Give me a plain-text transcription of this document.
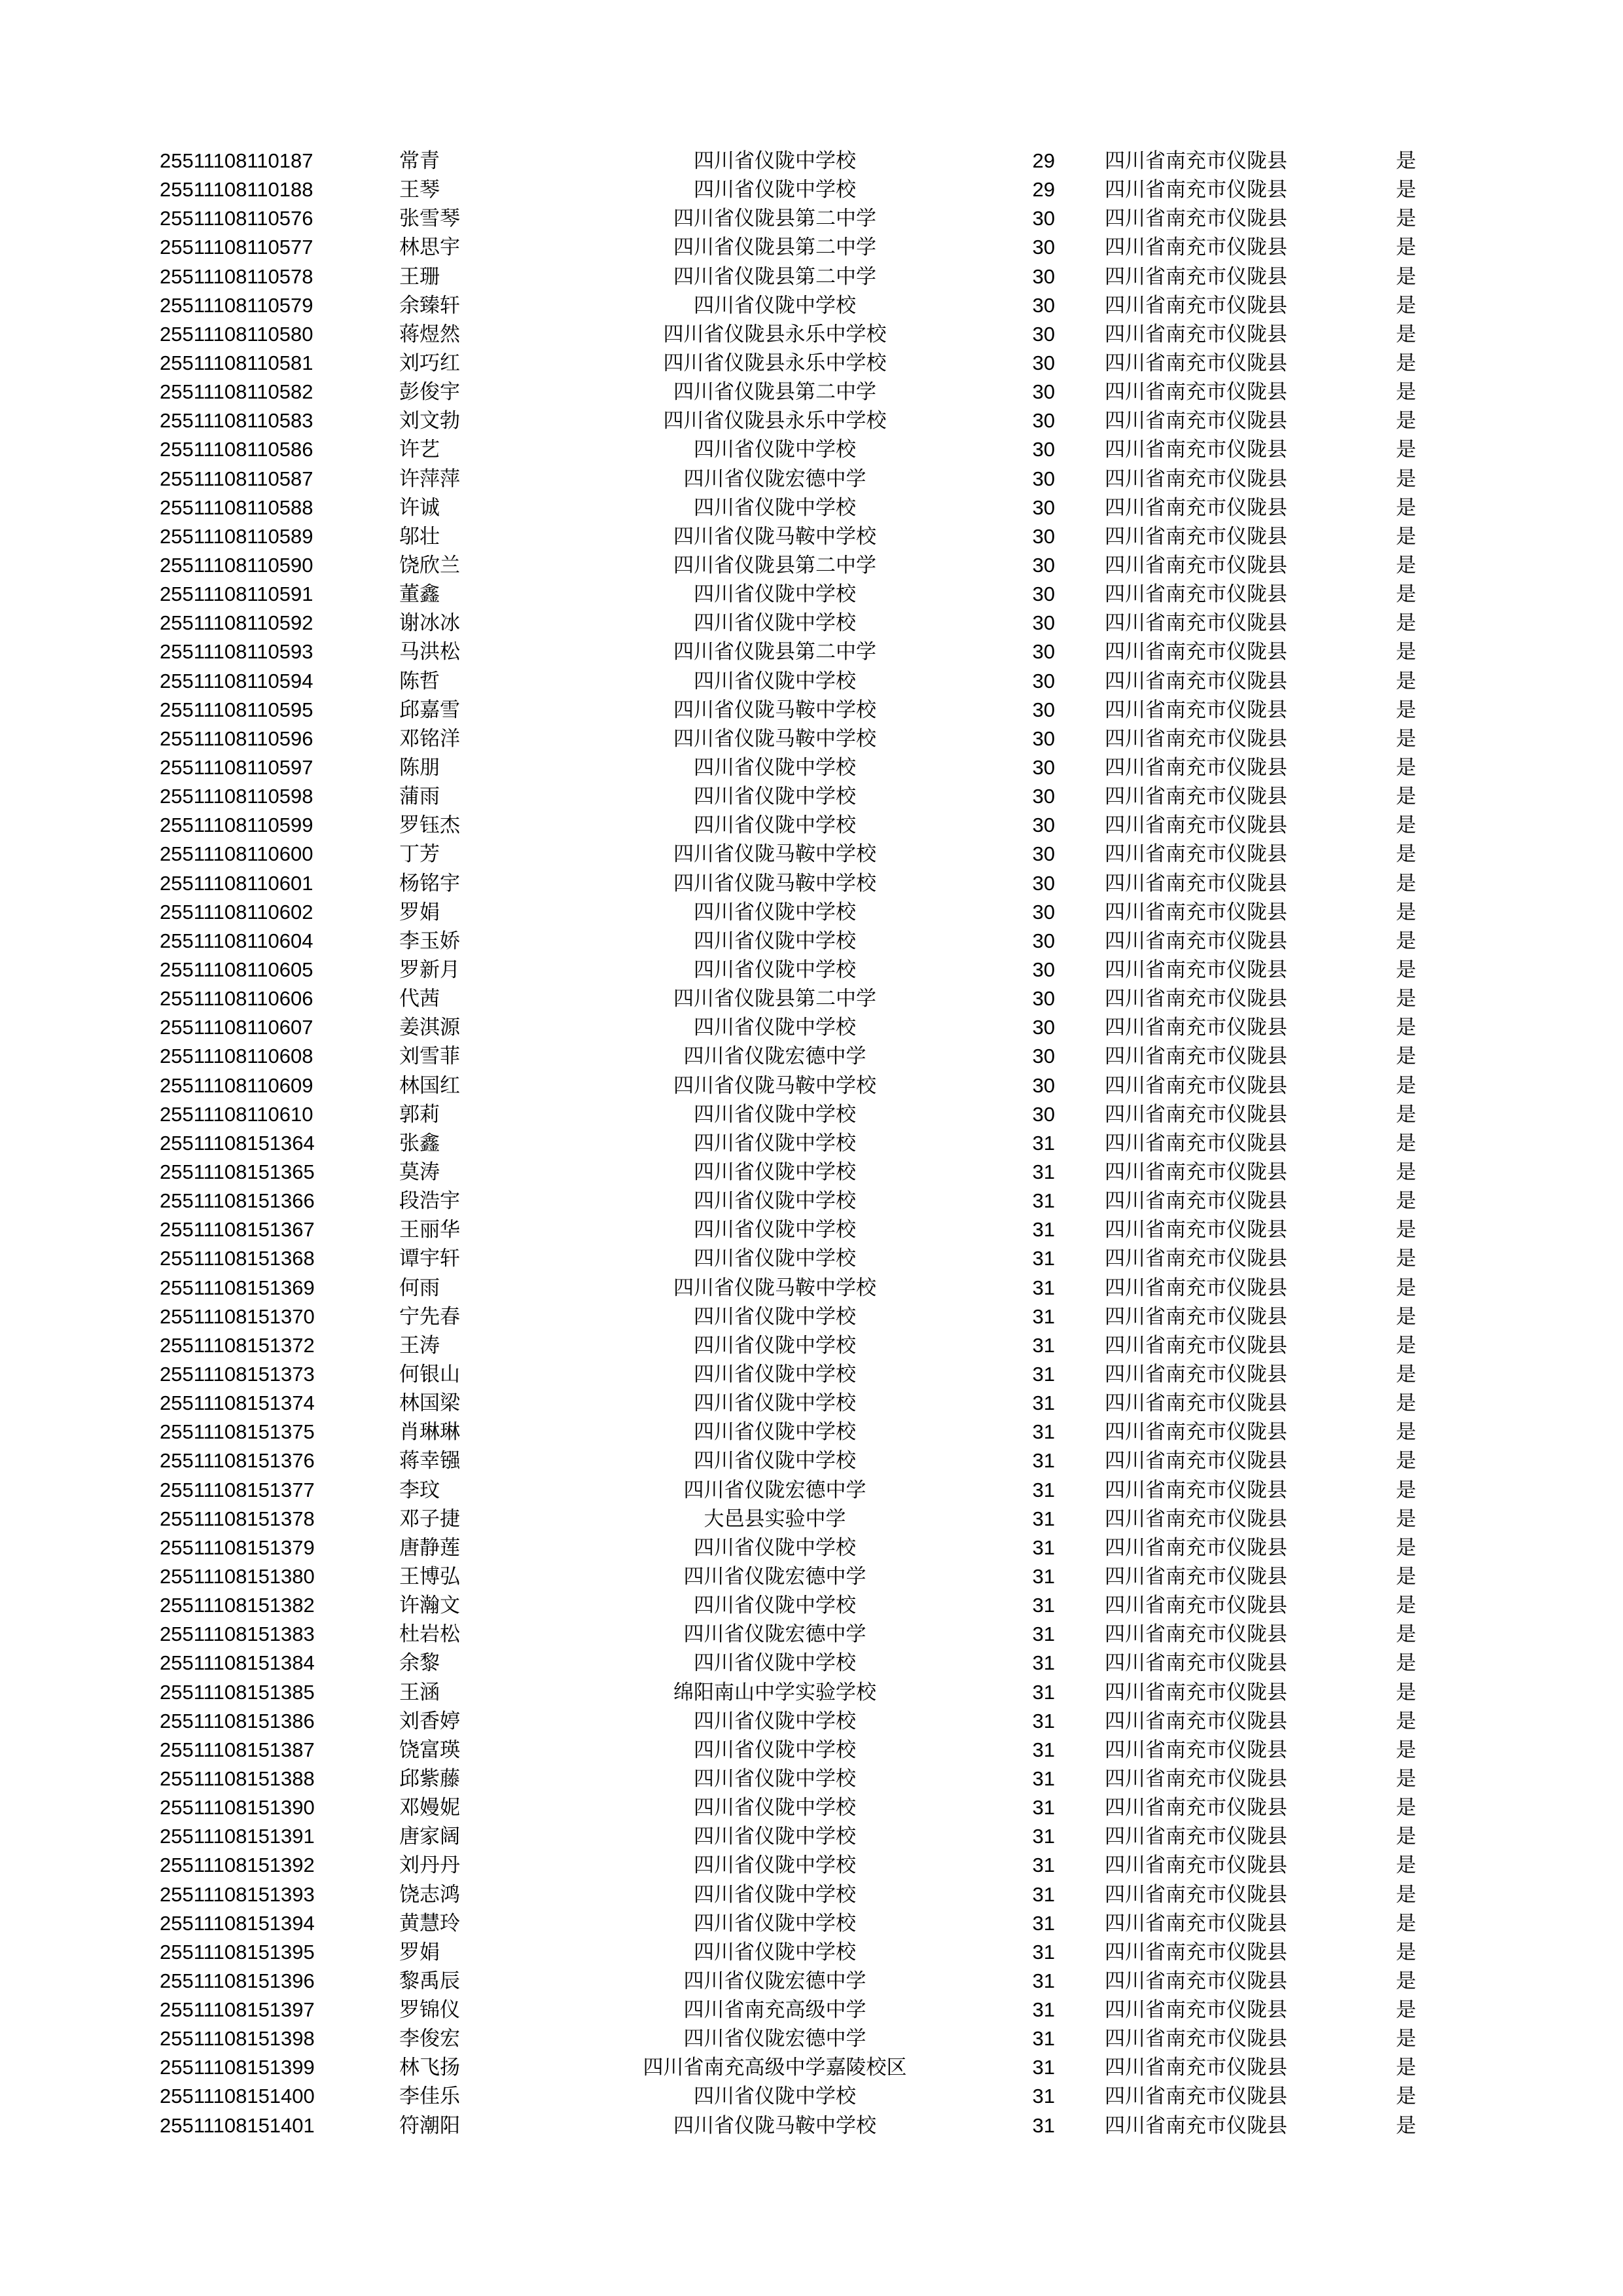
25511108110187	常青	四川省仪陇中学校	29	四川省南充市仪陇县	是
25511108110188	王琴	四川省仪陇中学校	29	四川省南充市仪陇县	是
25511108110576	张雪琴	四川省仪陇县第二中学	30	四川省南充市仪陇县	是
25511108110577	林思宇	四川省仪陇县第二中学	30	四川省南充市仪陇县	是
25511108110578	王珊	四川省仪陇县第二中学	30	四川省南充市仪陇县	是
25511108110579	余臻轩	四川省仪陇中学校	30	四川省南充市仪陇县	是
25511108110580	蒋煜然	四川省仪陇县永乐中学校	30	四川省南充市仪陇县	是
25511108110581	刘巧红	四川省仪陇县永乐中学校	30	四川省南充市仪陇县	是
25511108110582	彭俊宇	四川省仪陇县第二中学	30	四川省南充市仪陇县	是
25511108110583	刘文勃	四川省仪陇县永乐中学校	30	四川省南充市仪陇县	是
25511108110586	许艺	四川省仪陇中学校	30	四川省南充市仪陇县	是
25511108110587	许萍萍	四川省仪陇宏德中学	30	四川省南充市仪陇县	是
25511108110588	许诚	四川省仪陇中学校	30	四川省南充市仪陇县	是
25511108110589	邬壮	四川省仪陇马鞍中学校	30	四川省南充市仪陇县	是
25511108110590	饶欣兰	四川省仪陇县第二中学	30	四川省南充市仪陇县	是
25511108110591	董鑫	四川省仪陇中学校	30	四川省南充市仪陇县	是
25511108110592	谢冰冰	四川省仪陇中学校	30	四川省南充市仪陇县	是
25511108110593	马洪松	四川省仪陇县第二中学	30	四川省南充市仪陇县	是
25511108110594	陈哲	四川省仪陇中学校	30	四川省南充市仪陇县	是
25511108110595	邱嘉雪	四川省仪陇马鞍中学校	30	四川省南充市仪陇县	是
25511108110596	邓铭洋	四川省仪陇马鞍中学校	30	四川省南充市仪陇县	是
25511108110597	陈朋	四川省仪陇中学校	30	四川省南充市仪陇县	是
25511108110598	蒲雨	四川省仪陇中学校	30	四川省南充市仪陇县	是
25511108110599	罗钰杰	四川省仪陇中学校	30	四川省南充市仪陇县	是
25511108110600	丁芳	四川省仪陇马鞍中学校	30	四川省南充市仪陇县	是
25511108110601	杨铭宇	四川省仪陇马鞍中学校	30	四川省南充市仪陇县	是
25511108110602	罗娟	四川省仪陇中学校	30	四川省南充市仪陇县	是
25511108110604	李玉娇	四川省仪陇中学校	30	四川省南充市仪陇县	是
25511108110605	罗新月	四川省仪陇中学校	30	四川省南充市仪陇县	是
25511108110606	代茜	四川省仪陇县第二中学	30	四川省南充市仪陇县	是
25511108110607	姜淇源	四川省仪陇中学校	30	四川省南充市仪陇县	是
25511108110608	刘雪菲	四川省仪陇宏德中学	30	四川省南充市仪陇县	是
25511108110609	林国红	四川省仪陇马鞍中学校	30	四川省南充市仪陇县	是
25511108110610	郭莉	四川省仪陇中学校	30	四川省南充市仪陇县	是
25511108151364	张鑫	四川省仪陇中学校	31	四川省南充市仪陇县	是
25511108151365	莫涛	四川省仪陇中学校	31	四川省南充市仪陇县	是
25511108151366	段浩宇	四川省仪陇中学校	31	四川省南充市仪陇县	是
25511108151367	王丽华	四川省仪陇中学校	31	四川省南充市仪陇县	是
25511108151368	谭宇轩	四川省仪陇中学校	31	四川省南充市仪陇县	是
25511108151369	何雨	四川省仪陇马鞍中学校	31	四川省南充市仪陇县	是
25511108151370	宁先春	四川省仪陇中学校	31	四川省南充市仪陇县	是
25511108151372	王涛	四川省仪陇中学校	31	四川省南充市仪陇县	是
25511108151373	何银山	四川省仪陇中学校	31	四川省南充市仪陇县	是
25511108151374	林国梁	四川省仪陇中学校	31	四川省南充市仪陇县	是
25511108151375	肖琳琳	四川省仪陇中学校	31	四川省南充市仪陇县	是
25511108151376	蒋幸镪	四川省仪陇中学校	31	四川省南充市仪陇县	是
25511108151377	李玟	四川省仪陇宏德中学	31	四川省南充市仪陇县	是
25511108151378	邓子捷	大邑县实验中学	31	四川省南充市仪陇县	是
25511108151379	唐静莲	四川省仪陇中学校	31	四川省南充市仪陇县	是
25511108151380	王博弘	四川省仪陇宏德中学	31	四川省南充市仪陇县	是
25511108151382	许瀚文	四川省仪陇中学校	31	四川省南充市仪陇县	是
25511108151383	杜岩松	四川省仪陇宏德中学	31	四川省南充市仪陇县	是
25511108151384	余黎	四川省仪陇中学校	31	四川省南充市仪陇县	是
25511108151385	王涵	绵阳南山中学实验学校	31	四川省南充市仪陇县	是
25511108151386	刘香婷	四川省仪陇中学校	31	四川省南充市仪陇县	是
25511108151387	饶富瑛	四川省仪陇中学校	31	四川省南充市仪陇县	是
25511108151388	邱紫藤	四川省仪陇中学校	31	四川省南充市仪陇县	是
25511108151390	邓嫚妮	四川省仪陇中学校	31	四川省南充市仪陇县	是
25511108151391	唐家阔	四川省仪陇中学校	31	四川省南充市仪陇县	是
25511108151392	刘丹丹	四川省仪陇中学校	31	四川省南充市仪陇县	是
25511108151393	饶志鸿	四川省仪陇中学校	31	四川省南充市仪陇县	是
25511108151394	黄慧玲	四川省仪陇中学校	31	四川省南充市仪陇县	是
25511108151395	罗娟	四川省仪陇中学校	31	四川省南充市仪陇县	是
25511108151396	黎禹辰	四川省仪陇宏德中学	31	四川省南充市仪陇县	是
25511108151397	罗锦仪	四川省南充高级中学	31	四川省南充市仪陇县	是
25511108151398	李俊宏	四川省仪陇宏德中学	31	四川省南充市仪陇县	是
25511108151399	林飞扬	四川省南充高级中学嘉陵校区	31	四川省南充市仪陇县	是
25511108151400	李佳乐	四川省仪陇中学校	31	四川省南充市仪陇县	是
25511108151401	符潮阳	四川省仪陇马鞍中学校	31	四川省南充市仪陇县	是
